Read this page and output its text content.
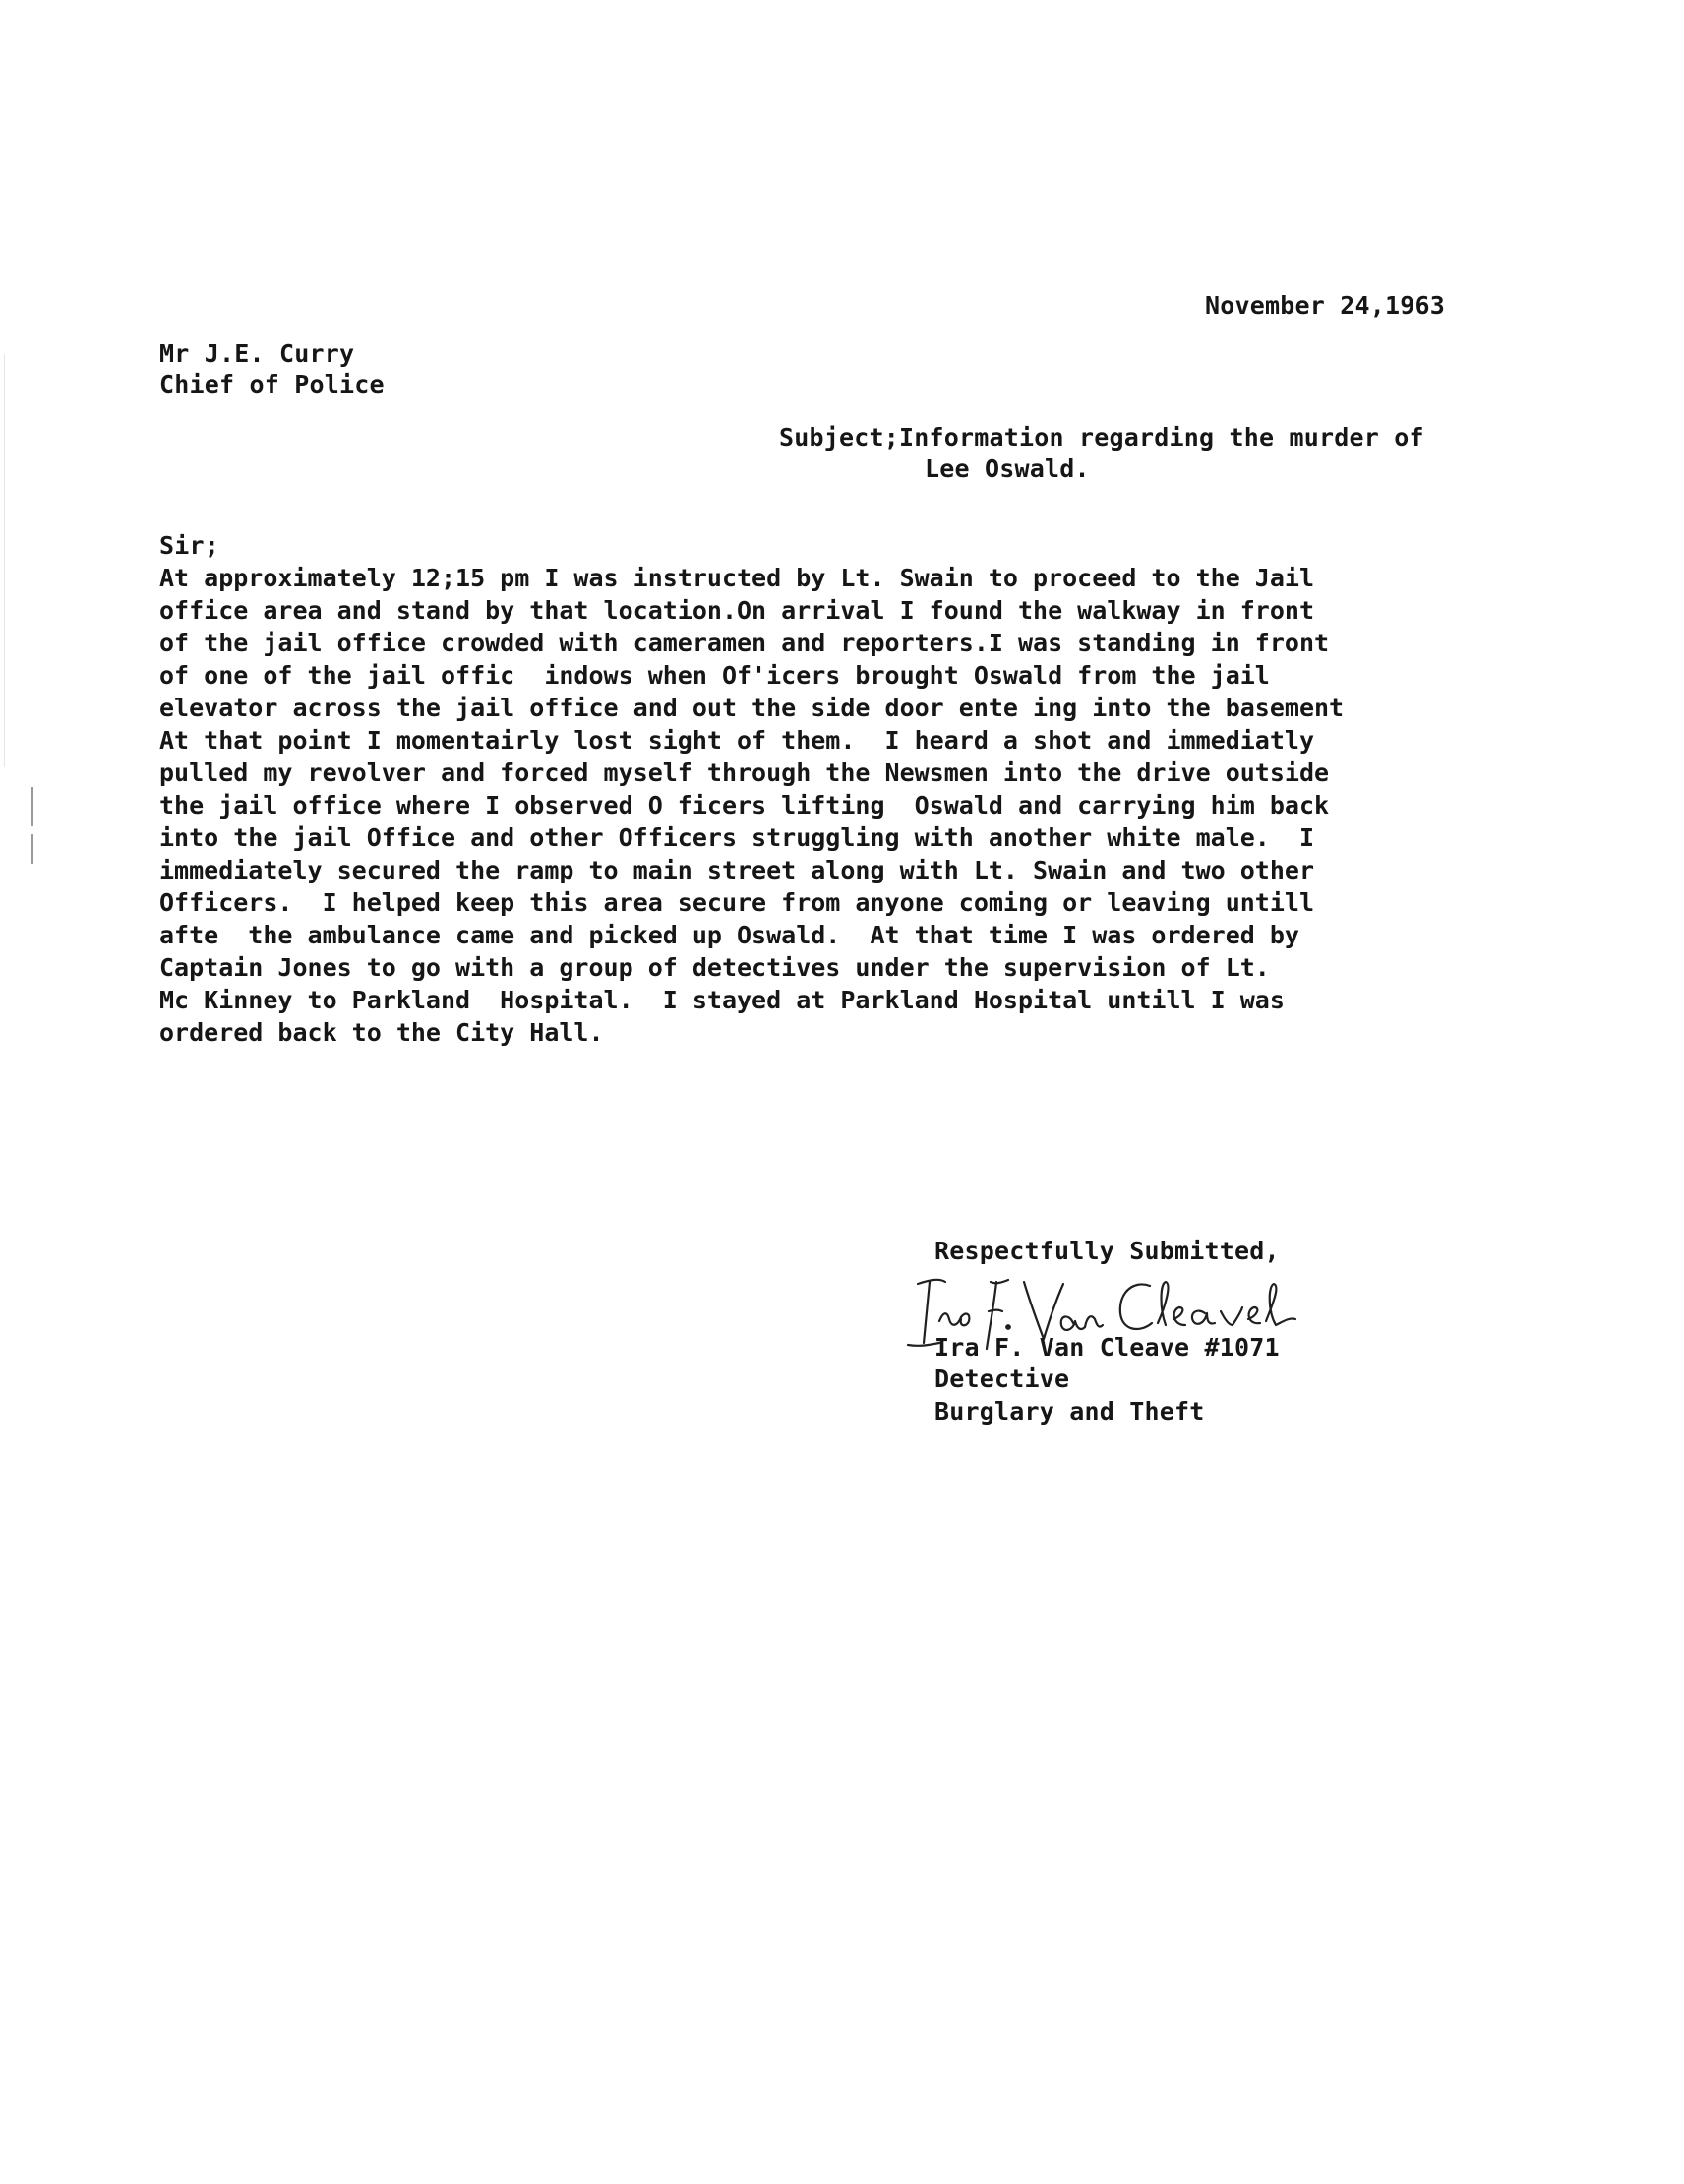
November 24,1963
Mr J.E. Curry
Chief of Police
Subject;Information regarding the murder of
Lee Oswald.
Sir;
At approximately 12;15 pm I was instructed by Lt. Swain to proceed to the Jail
office area and stand by that location.On arrival I found the walkway in front
of the jail office crowded with cameramen and reporters.I was standing in front
of one of the jail offic  indows when Of'icers brought Oswald from the jail
elevator across the jail office and out the side door ente ing into the basement
At that point I momentairly lost sight of them.  I heard a shot and immediatly
pulled my revolver and forced myself through the Newsmen into the drive outside
the jail office where I observed O ficers lifting  Oswald and carrying him back
into the jail Office and other Officers struggling with another white male.  I
immediately secured the ramp to main street along with Lt. Swain and two other
Officers.  I helped keep this area secure from anyone coming or leaving untill
afte  the ambulance came and picked up Oswald.  At that time I was ordered by
Captain Jones to go with a group of detectives under the supervision of Lt.
Mc Kinney to Parkland  Hospital.  I stayed at Parkland Hospital untill I was
ordered back to the City Hall.
Respectfully Submitted,
Ira F. Van Cleave #1071
Detective
Burglary and Theft
